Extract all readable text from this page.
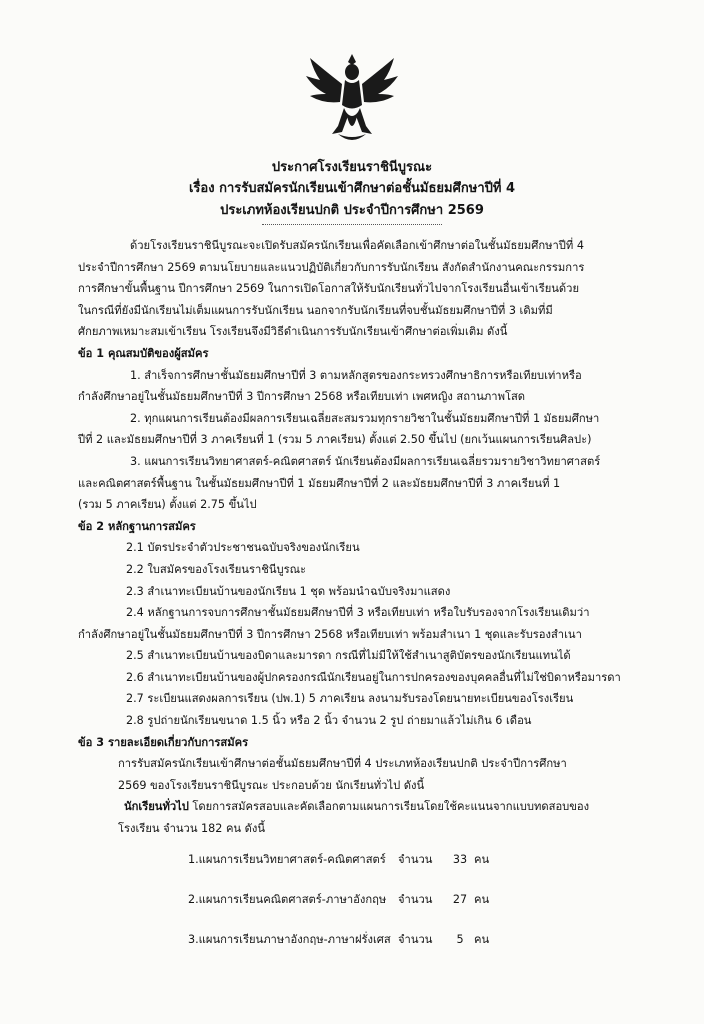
ประกาศโรงเรียนราชินีบูรณะ
เรื่อง การรับสมัครนักเรียนเข้าศึกษาต่อชั้นมัธยมศึกษาปีที่ 4
ประเภทห้องเรียนปกติ ประจำปีการศึกษา 2569

ด้วยโรงเรียนราชินีบูรณะจะเปิดรับสมัครนักเรียนเพื่อคัดเลือกเข้าศึกษาต่อในชั้นมัธยมศึกษาปีที่ 4

ประจำปีการศึกษา 2569 ตามนโยบายและแนวปฏิบัติเกี่ยวกับการรับนักเรียน สังกัดสำนักงานคณะกรรมการ

การศึกษาขั้นพื้นฐาน ปีการศึกษา 2569 ในการเปิดโอกาสให้รับนักเรียนทั่วไปจากโรงเรียนอื่นเข้าเรียนด้วย

ในกรณีที่ยังมีนักเรียนไม่เต็มแผนการรับนักเรียน นอกจากรับนักเรียนที่จบชั้นมัธยมศึกษาปีที่ 3 เดิมที่มี

ศักยภาพเหมาะสมเข้าเรียน โรงเรียนจึงมีวิธีดำเนินการรับนักเรียนเข้าศึกษาต่อเพิ่มเติม ดังนี้

ข้อ 1 คุณสมบัติของผู้สมัคร

1. สำเร็จการศึกษาชั้นมัธยมศึกษาปีที่ 3 ตามหลักสูตรของกระทรวงศึกษาธิการหรือเทียบเท่าหรือ

กำลังศึกษาอยู่ในชั้นมัธยมศึกษาปีที่ 3 ปีการศึกษา 2568 หรือเทียบเท่า เพศหญิง สถานภาพโสด

2. ทุกแผนการเรียนต้องมีผลการเรียนเฉลี่ยสะสมรวมทุกรายวิชาในชั้นมัธยมศึกษาปีที่ 1 มัธยมศึกษา

ปีที่ 2 และมัธยมศึกษาปีที่ 3 ภาคเรียนที่ 1 (รวม 5 ภาคเรียน) ตั้งแต่ 2.50 ขึ้นไป (ยกเว้นแผนการเรียนศิลปะ)

3. แผนการเรียนวิทยาศาสตร์-คณิตศาสตร์ นักเรียนต้องมีผลการเรียนเฉลี่ยรวมรายวิชาวิทยาศาสตร์

และคณิตศาสตร์พื้นฐาน ในชั้นมัธยมศึกษาปีที่ 1 มัธยมศึกษาปีที่ 2 และมัธยมศึกษาปีที่ 3 ภาคเรียนที่ 1

(รวม 5 ภาคเรียน) ตั้งแต่ 2.75 ขึ้นไป

ข้อ 2 หลักฐานการสมัคร

2.1 บัตรประจำตัวประชาชนฉบับจริงของนักเรียน

2.2 ใบสมัครของโรงเรียนราชินีบูรณะ

2.3 สำเนาทะเบียนบ้านของนักเรียน 1 ชุด พร้อมนำฉบับจริงมาแสดง

2.4 หลักฐานการจบการศึกษาชั้นมัธยมศึกษาปีที่ 3 หรือเทียบเท่า หรือใบรับรองจากโรงเรียนเดิมว่า

กำลังศึกษาอยู่ในชั้นมัธยมศึกษาปีที่ 3 ปีการศึกษา 2568 หรือเทียบเท่า พร้อมสำเนา 1 ชุดและรับรองสำเนา

2.5 สำเนาทะเบียนบ้านของบิดาและมารดา กรณีที่ไม่มีให้ใช้สำเนาสูติบัตรของนักเรียนแทนได้

2.6 สำเนาทะเบียนบ้านของผู้ปกครองกรณีนักเรียนอยู่ในการปกครองของบุคคลอื่นที่ไม่ใช่บิดาหรือมารดา

2.7 ระเบียนแสดงผลการเรียน (ปพ.1) 5 ภาคเรียน ลงนามรับรองโดยนายทะเบียนของโรงเรียน

2.8 รูปถ่ายนักเรียนขนาด 1.5 นิ้ว หรือ 2 นิ้ว จำนวน 2 รูป ถ่ายมาแล้วไม่เกิน 6 เดือน

ข้อ 3 รายละเอียดเกี่ยวกับการสมัคร

การรับสมัครนักเรียนเข้าศึกษาต่อชั้นมัธยมศึกษาปีที่ 4 ประเภทห้องเรียนปกติ ประจำปีการศึกษา

2569 ของโรงเรียนราชินีบูรณะ ประกอบด้วย นักเรียนทั่วไป ดังนี้

นักเรียนทั่วไป โดยการสมัครสอบและคัดเลือกตามแผนการเรียนโดยใช้คะแนนจากแบบทดสอบของ

โรงเรียน จำนวน 182 คน ดังนี้

1.แผนการเรียนวิทยาศาสตร์-คณิตศาสตร์	จำนวน	33 คน
2.แผนการเรียนคณิตศาสตร์-ภาษาอังกฤษ	จำนวน	27 คน
3.แผนการเรียนภาษาอังกฤษ-ภาษาฝรั่งเศส จำนวน	5 คน
